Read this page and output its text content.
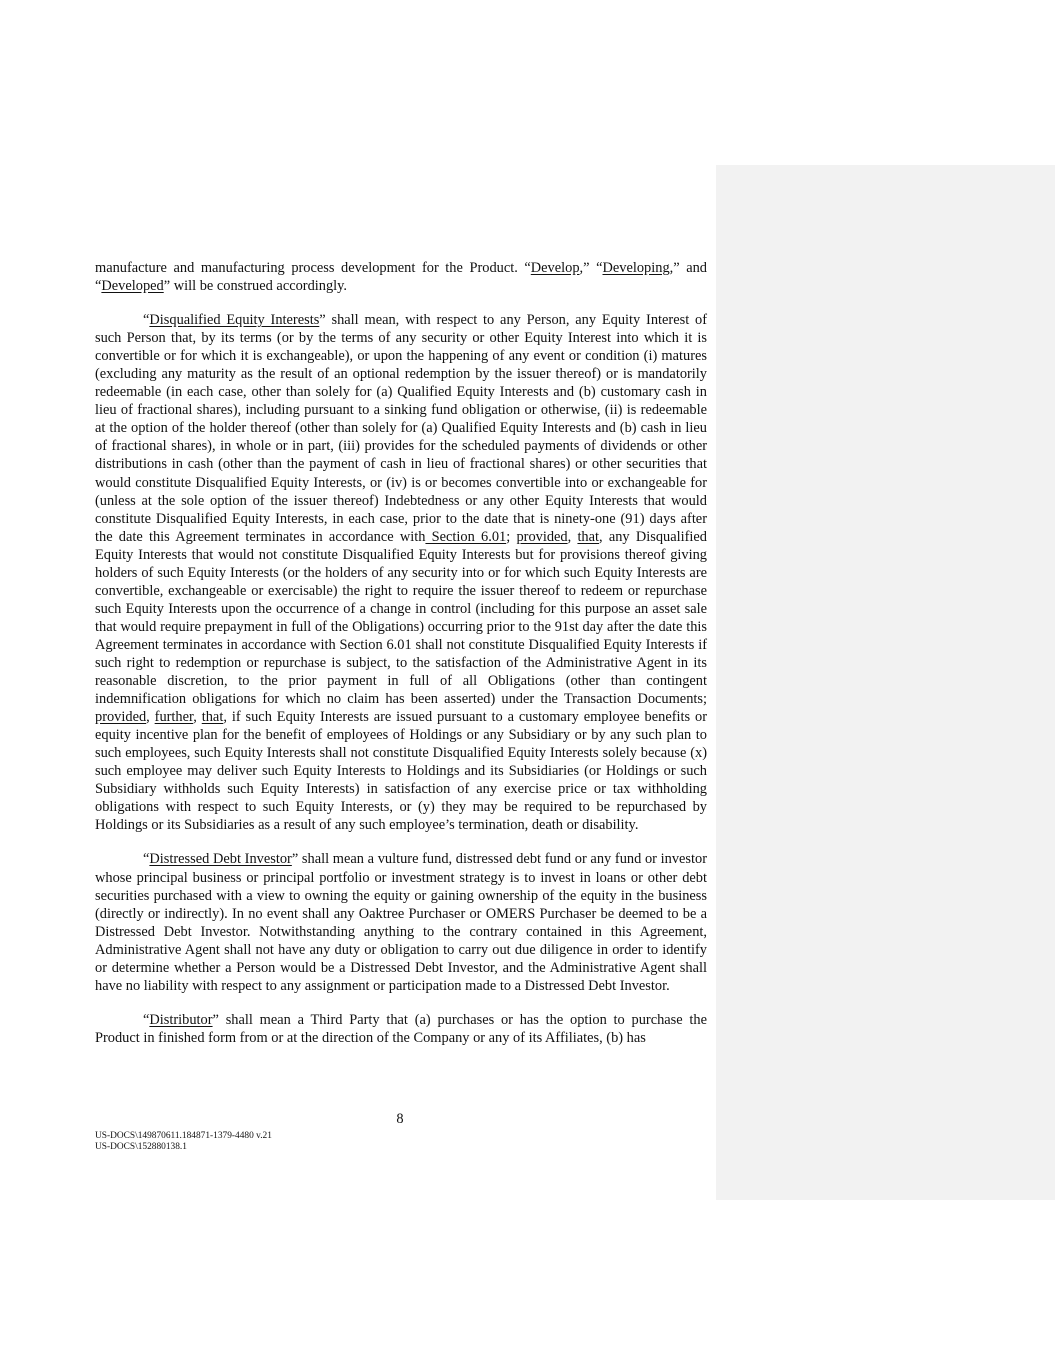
manufacture and manufacturing process development for the Product. “Develop,” “Developing,” and “Developed” will be construed accordingly.

“Disqualified Equity Interests” shall mean, with respect to any Person, any Equity Interest of such Person that, by its terms (or by the terms of any security or other Equity Interest into which it is convertible or for which it is exchangeable), or upon the happening of any event or condition (i) matures (excluding any maturity as the result of an optional redemption by the issuer thereof) or is mandatorily redeemable (in each case, other than solely for (a) Qualified Equity Interests and (b) customary cash in lieu of fractional shares), including pursuant to a sinking fund obligation or otherwise, (ii) is redeemable at the option of the holder thereof (other than solely for (a) Qualified Equity Interests and (b) cash in lieu of fractional shares), in whole or in part, (iii) provides for the scheduled payments of dividends or other distributions in cash (other than the payment of cash in lieu of fractional shares) or other securities that would constitute Disqualified Equity Interests, or (iv) is or becomes convertible into or exchangeable for (unless at the sole option of the issuer thereof) Indebtedness or any other Equity Interests that would constitute Disqualified Equity Interests, in each case, prior to the date that is ninety-one (91) days after the date this Agreement terminates in accordance with Section 6.01; provided, that, any Disqualified Equity Interests that would not constitute Disqualified Equity Interests but for provisions thereof giving holders of such Equity Interests (or the holders of any security into or for which such Equity Interests are convertible, exchangeable or exercisable) the right to require the issuer thereof to redeem or repurchase such Equity Interests upon the occurrence of a change in control (including for this purpose an asset sale that would require prepayment in full of the Obligations) occurring prior to the 91st day after the date this Agreement terminates in accordance with Section 6.01 shall not constitute Disqualified Equity Interests if such right to redemption or repurchase is subject, to the satisfaction of the Administrative Agent in its reasonable discretion, to the prior payment in full of all Obligations (other than contingent indemnification obligations for which no claim has been asserted) under the Transaction Documents; provided, further, that, if such Equity Interests are issued pursuant to a customary employee benefits or equity incentive plan for the benefit of employees of Holdings or any Subsidiary or by any such plan to such employees, such Equity Interests shall not constitute Disqualified Equity Interests solely because (x) such employee may deliver such Equity Interests to Holdings and its Subsidiaries (or Holdings or such Subsidiary withholds such Equity Interests) in satisfaction of any exercise price or tax withholding obligations with respect to such Equity Interests, or (y) they may be required to be repurchased by Holdings or its Subsidiaries as a result of any such employee’s termination, death or disability.

“Distressed Debt Investor” shall mean a vulture fund, distressed debt fund or any fund or investor whose principal business or principal portfolio or investment strategy is to invest in loans or other debt securities purchased with a view to owning the equity or gaining ownership of the equity in the business (directly or indirectly). In no event shall any Oaktree Purchaser or OMERS Purchaser be deemed to be a Distressed Debt Investor. Notwithstanding anything to the contrary contained in this Agreement, Administrative Agent shall not have any duty or obligation to carry out due diligence in order to identify or determine whether a Person would be a Distressed Debt Investor, and the Administrative Agent shall have no liability with respect to any assignment or participation made to a Distressed Debt Investor.

“Distributor” shall mean a Third Party that (a) purchases or has the option to purchase the Product in finished form from or at the direction of the Company or any of its Affiliates, (b) has

8
US-DOCS\149870611.184871-1379-4480 v.21
US-DOCS\152880138.1
